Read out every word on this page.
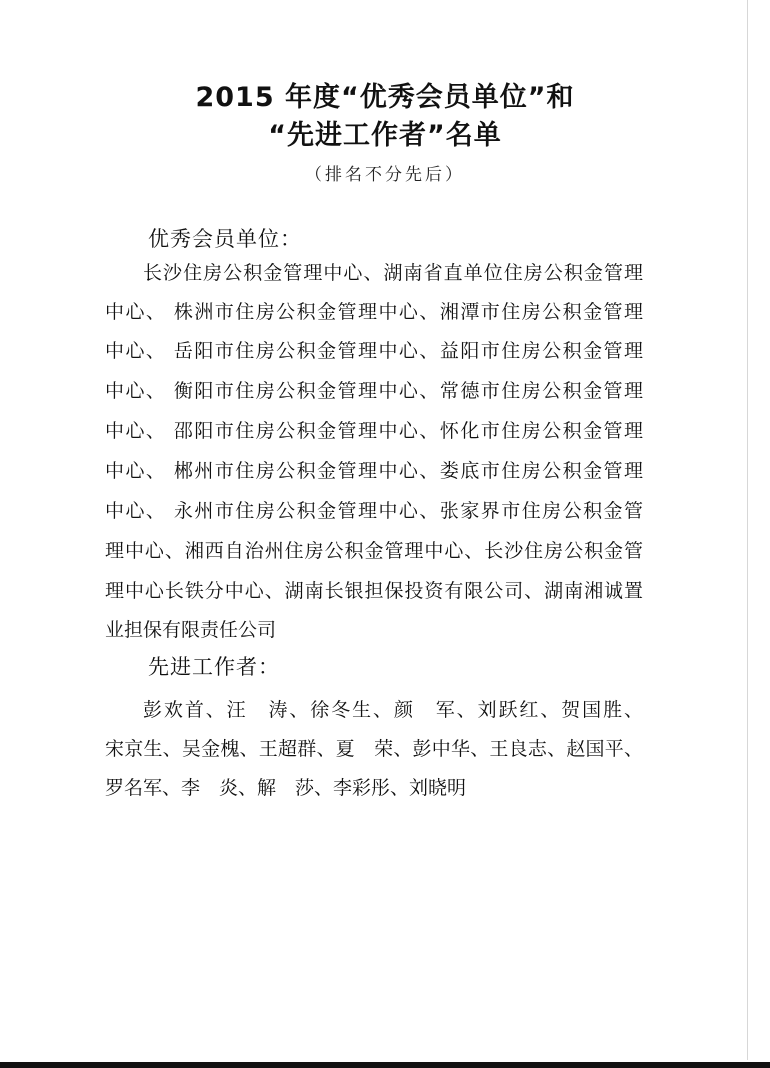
2015 年度“优秀会员单位”和
“先进工作者”名单
（排名不分先后）
优秀会员单位：
长沙住房公积金管理中心、湖南省直单位住房公积金管理
中心、 株洲市住房公积金管理中心、湘潭市住房公积金管理
中心、 岳阳市住房公积金管理中心、益阳市住房公积金管理
中心、 衡阳市住房公积金管理中心、常德市住房公积金管理
中心、 邵阳市住房公积金管理中心、怀化市住房公积金管理
中心、 郴州市住房公积金管理中心、娄底市住房公积金管理
中心、 永州市住房公积金管理中心、张家界市住房公积金管
理中心、湘西自治州住房公积金管理中心、长沙住房公积金管
理中心长铁分中心、湖南长银担保投资有限公司、湖南湘诚置
业担保有限责任公司
先进工作者：
彭欢首、汪　涛、徐冬生、颜　军、刘跃红、贺国胜、
宋京生、吴金槐、王超群、夏　荣、彭中华、王良志、赵国平、
罗名军、李　炎、解　莎、李彩彤、刘晓明
